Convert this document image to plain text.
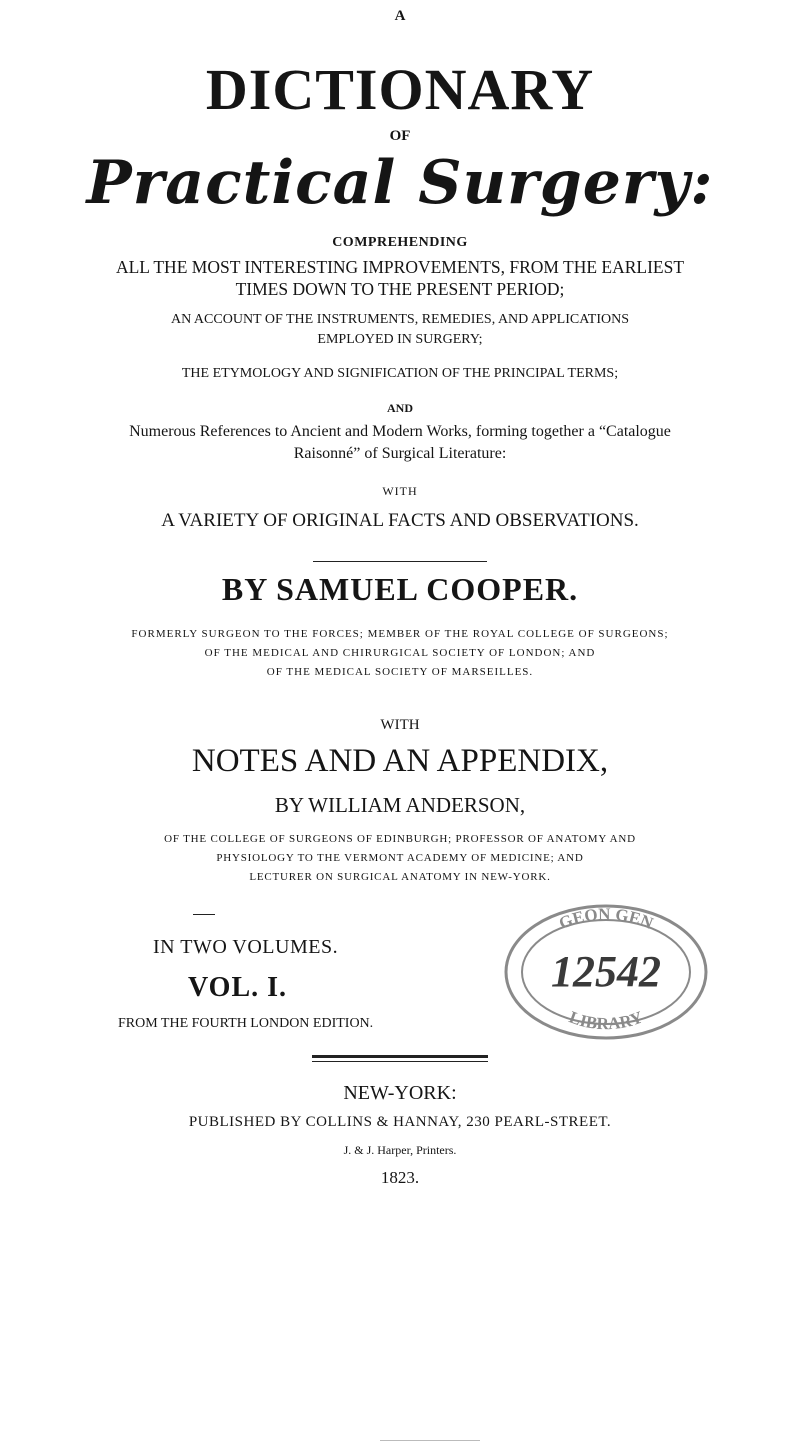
A
DICTIONARY
OF
Practical Surgery:
COMPREHENDING
ALL THE MOST INTERESTING IMPROVEMENTS, FROM THE EARLIEST
TIMES DOWN TO THE PRESENT PERIOD;
AN ACCOUNT OF THE INSTRUMENTS, REMEDIES, AND APPLICATIONS
EMPLOYED IN SURGERY;
THE ETYMOLOGY AND SIGNIFICATION OF THE PRINCIPAL TERMS;
AND
Numerous References to Ancient and Modern Works, forming together a “Catalogue
Raisonné” of Surgical Literature:
WITH
A VARIETY OF ORIGINAL FACTS AND OBSERVATIONS.
BY SAMUEL COOPER.
FORMERLY SURGEON TO THE FORCES; MEMBER OF THE ROYAL COLLEGE OF SURGEONS;
OF THE MEDICAL AND CHIRURGICAL SOCIETY OF LONDON; AND
OF THE MEDICAL SOCIETY OF MARSEILLES.
WITH
NOTES AND AN APPENDIX,
BY WILLIAM ANDERSON,
OF THE COLLEGE OF SURGEONS OF EDINBURGH; PROFESSOR OF ANATOMY AND
PHYSIOLOGY TO THE VERMONT ACADEMY OF MEDICINE; AND
LECTURER ON SURGICAL ANATOMY IN NEW-YORK.
IN TWO VOLUMES.
VOL. I.
FROM THE FOURTH LONDON EDITION.
GEON GEN
12542
LIBRARY
NEW-YORK:
PUBLISHED BY COLLINS & HANNAY, 230 PEARL-STREET.
J. & J. Harper, Printers.
1823.
